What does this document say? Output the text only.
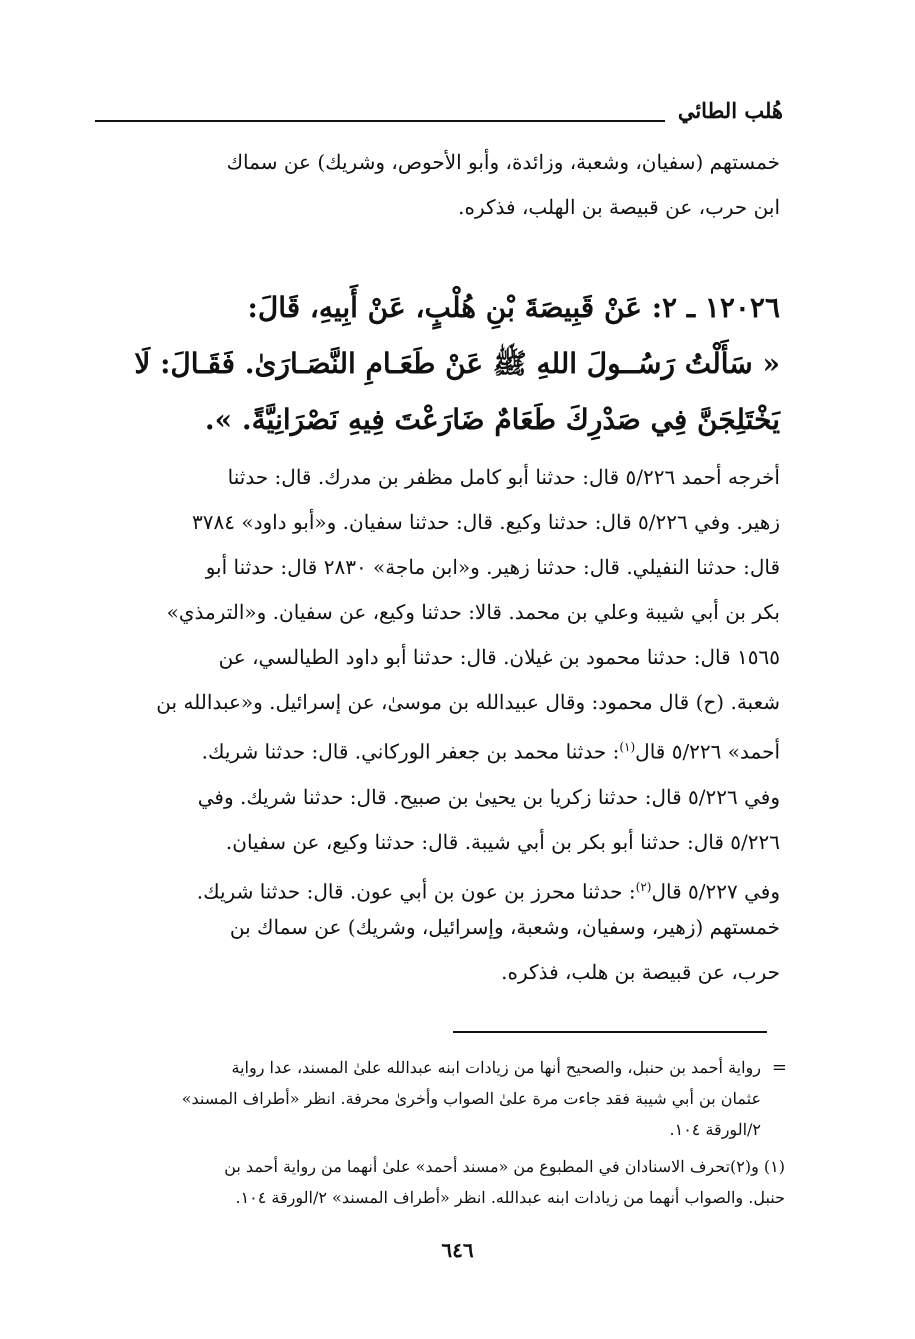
هُلب الطائي
خمستهم (سفيان، وشعبة، وزائدة، وأبو الأحوص، وشريك) عن سماك
ابن حرب، عن قبيصة بن الهلب، فذكره.
١٢٠٢٦ ـ ٢: عَنْ قَبِيصَةَ بْنِ هُلْبٍ، عَنْ أَبِيهِ، قَالَ:
« سَأَلْتُ رَسُــولَ اللهِ ﷺ عَنْ طَعَـامِ النَّصَـارَىٰ. فَقَـالَ: لَا
يَخْتَلِجَنَّ فِي صَدْرِكَ طَعَامٌ ضَارَعْتَ فِيهِ نَصْرَانِيَّةً. ».
أخرجه أحمد ٥/٢٢٦ قال: حدثنا أبو كامل مظفر بن مدرك. قال: حدثنا
زهير. وفي ٥/٢٢٦ قال: حدثنا وكيع. قال: حدثنا سفيان. و«أبو داود» ٣٧٨٤
قال: حدثنا النفيلي. قال: حدثنا زهير. و«ابن ماجة» ٢٨٣٠ قال: حدثنا أبو
بكر بن أبي شيبة وعلي بن محمد. قالا: حدثنا وكيع، عن سفيان. و«الترمذي»
١٥٦٥ قال: حدثنا محمود بن غيلان. قال: حدثنا أبو داود الطيالسي، عن
شعبة. (ح) قال محمود: وقال عبيدالله بن موسىٰ، عن إسرائيل. و«عبدالله بن
أحمد» ٥/٢٢٦ قال$^{(١)}$: حدثنا محمد بن جعفر الوركاني. قال: حدثنا شريك.
وفي ٥/٢٢٦ قال: حدثنا زكريا بن يحيىٰ بن صبيح. قال: حدثنا شريك. وفي
٥/٢٢٦ قال: حدثنا أبو بكر بن أبي شيبة. قال: حدثنا وكيع، عن سفيان.
وفي ٥/٢٢٧ قال$^{(٢)}$: حدثنا محرز بن عون بن أبي عون. قال: حدثنا شريك.
خمستهم (زهير، وسفيان، وشعبة، وإسرائيل، وشريك) عن سماك بن
حرب، عن قبيصة بن هلب، فذكره.
=
رواية أحمد بن حنبل، والصحيح أنها من زيادات ابنه عبدالله علىٰ المسند، عدا رواية
عثمان بن أبي شيبة فقد جاءت مرة علىٰ الصواب وأخرىٰ محرفة. انظر «أطراف المسند»
٢/الورقة ١٠٤.
(١) و(٢)تحرف الاسنادان في المطبوع من «مسند أحمد» علىٰ أنهما من رواية أحمد بن
حنبل. والصواب أنهما من زيادات ابنه عبدالله. انظر «أطراف المسند» ٢/الورقة ١٠٤.
٦٤٦
